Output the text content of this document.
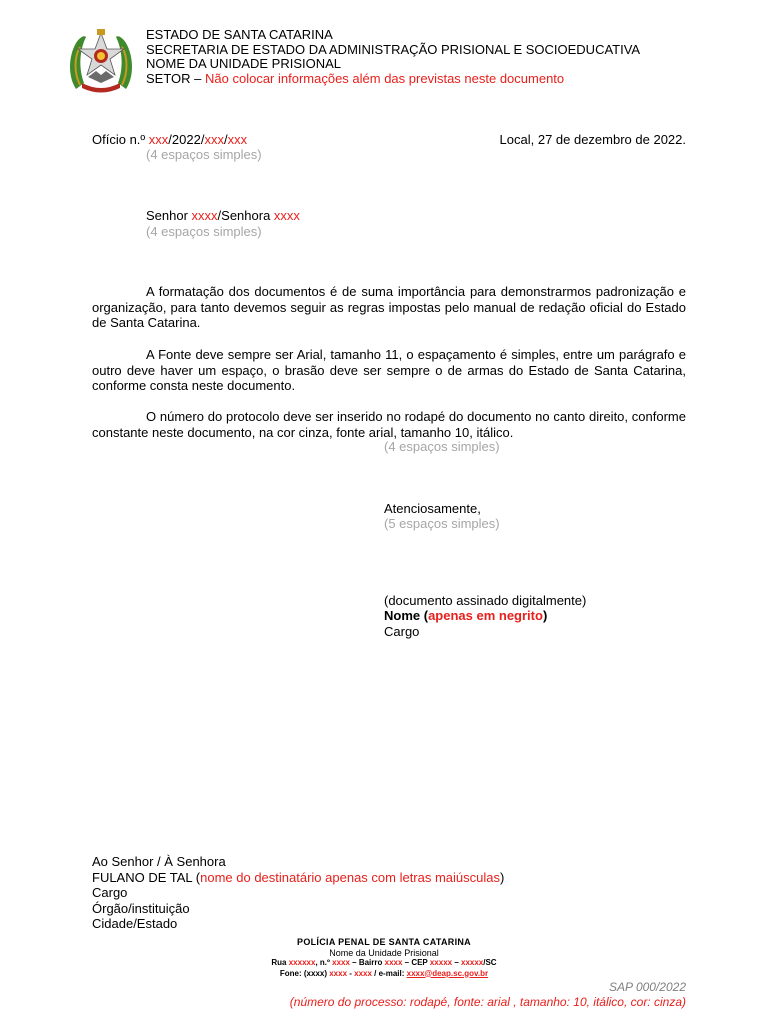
ESTADO DE SANTA CATARINA
SECRETARIA DE ESTADO DA ADMINISTRAÇÃO PRISIONAL E SOCIOEDUCATIVA
NOME DA UNIDADE PRISIONAL
SETOR – Não colocar informações além das previstas neste documento
Ofício n.º xxx/2022/xxx/xxx	Local, 27 de dezembro de 2022.
(4 espaços simples)
Senhor xxxx/Senhora xxxx
(4 espaços simples)
A formatação dos documentos é de suma importância para demonstrarmos padronização e organização, para tanto devemos seguir as regras impostas pelo manual de redação oficial do Estado de Santa Catarina.
A Fonte deve sempre ser Arial, tamanho 11, o espaçamento é simples, entre um parágrafo e outro deve haver um espaço, o brasão deve ser sempre o de armas do Estado de Santa Catarina, conforme consta neste documento.
O número do protocolo deve ser inserido no rodapé do documento no canto direito, conforme constante neste documento, na cor cinza, fonte arial, tamanho 10, itálico.
(4 espaços simples)
Atenciosamente,
(5 espaços simples)
(documento assinado digitalmente)
Nome (apenas em negrito)
Cargo
Ao Senhor / À Senhora
FULANO DE TAL (nome do destinatário apenas com letras maiúsculas)
Cargo
Órgão/instituição
Cidade/Estado
POLÍCIA PENAL DE SANTA CATARINA
Nome da Unidade Prisional
Rua xxxxxx, n.º xxxx – Bairro xxxx – CEP xxxxx – xxxxx/SC
Fone: (xxxx) xxxx - xxxx / e-mail: xxxx@deap.sc.gov.br
SAP 000/2022
(número do processo: rodapé, fonte: arial , tamanho: 10, itálico, cor: cinza)
